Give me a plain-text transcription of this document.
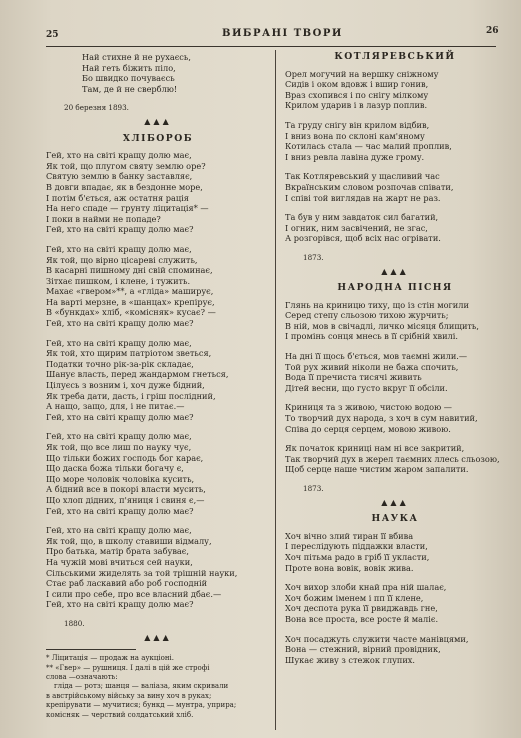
25	ВИБРАНІ ТВОРИ	26
Най стихне й не рухаєсь,
Най геть біжить піло,
Бо швидко почуваєсь
Там, де й не сверблю!
20 березня 1893.
▲▲▲
ХЛІБОРОБ
Гей, хто на світі кращу долю має,
Як той, що плугом святу землю оре?
Святую землю в банку заставляє,
В довги впадає, як в бездонне море,
І потім б'ється, аж остатня рація
На него спаде — грунту ліцитація* —
І поки в найми не попаде?
Гей, хто на світі кращу долю має?
Гей, хто на світі кращу долю має,
Як той, що вірно цісареві служить,
В касарні пишному дні свій споминає,
Зітхає пишком, і клене, і тужить.
Махає «гвером»**, а «гліда» маширує,
На варті мерзне, в «шанцах» крепірує,
В «бункдах» хліб, «комісняк» кусає? —
Гей, хто на світі кращу долю має?
Гей, хто на світі кращу долю має,
Як той, хто щирим патріотом зветься,
Податки точно рік-за-рік складає,
Шанує власть, перед жандармом гнеться,
Цілуєсь з возним і, хоч дуже бідний,
Як треба дати, дасть, і гріш послідний,
А нащо, защо, для, і не питає.—
Гей, хто на світі кращу долю має?
Гей, хто на світі кращу долю має,
Як той, що все лиш по науку чує,
Що тільки божих господь бог карає,
Що даска божа тільки богачу є,
Що море чоловік чоловіка кусить,
А бідний все в покорі власти мусить,
Що хлоп дідних, п'яниця і свиня є,—
Гей, хто на світі кращу долю має?
Гей, хто на світі кращу долю має,
Як той, що, в школу ставиши відмалу,
Про батька, матір брата забуває,
На чужій мові вчиться сей науки,
Сільськими жиделять за той трішній науки,
Стає раб ласкавий або роб господній
І сили про себе, про все власний дбає.—
Гей, хто на світі кращу долю має?
1880.
▲▲▲
* Ліцитація — продаж на аукціоні.
** «Гвер» — рушниця. І далі в цій же строфі
слова —означають:
гліда — ротз; шанця — валіаза, яким скривали
в австрійському війську за вину хоч в руках;
крепірувати — мучитися; бункд — мунтра, уприра;
комісняк — черствий солдатський хліб.
КОТЛЯРЕВСЬКИЙ
Орел могучий на вершку сніжному
Сидів і оком вдовж і вшир гонив,
Враз схопився і по снігу мілкому
Крилом ударив і в лазур поплив.
Та груду снігу він крилом відбив,
І вниз вона по склоні кам'яному
Котилась стала — час малий проплив,
І вниз ревла лавіна дуже грому.
Так Котляревський у щасливий час
Вкраїнським словом розпочав співати,
І співі той виглядав на жарт не раз.
Та був у ним завдаток сил багатий,
І огник, ним засвічений, не згас,
А розгорівся, щоб всіх нас огрівати.
1873.
▲▲▲
НАРОДНА ПІСНЯ
Глянь на криницю тиху, що із стін могили
Серед степу сльозою тихою журчить;
В ній, мов в свічадлі, личко місяця блищить,
І промінь сонця мнесь в її срібній хвилі.
На дні її щось б'ється, мов таємні жили.—
Той рух живий ніколи не бажа спочить,
Вода її пречиста тисячі живить
Дітей весни, що густо вкруг її обсіли.
Криниця та з живою, чистою водою —
То творчий дух народа, з хоч в сум навитий,
Співа до серця серцем, мовою живою.
Як початок криниці нам ні все закритий,
Так творчий дух в жерел таємних ллесь сльозою,
Щоб серце наше чистим жаром запалити.
1873.
▲▲▲
НАУКА
Хоч вічно злий тиран її вбива
І переслідують піддажки власти,
Хоч пітьма радо в гріб її уклaсти,
Проте вона вовік, вовік жива.
Хоч вихор злоби кнай пра ній шалає,
Хоч божим іменем і пп її клене,
Хоч деспота рука її рвиджавдь гне,
Вона все проста, все росте й маліє.
Хоч посаджуть служити часте манівцями,
Вона — стежний, вірний провідник,
Шукає живу з стежок глупих.
